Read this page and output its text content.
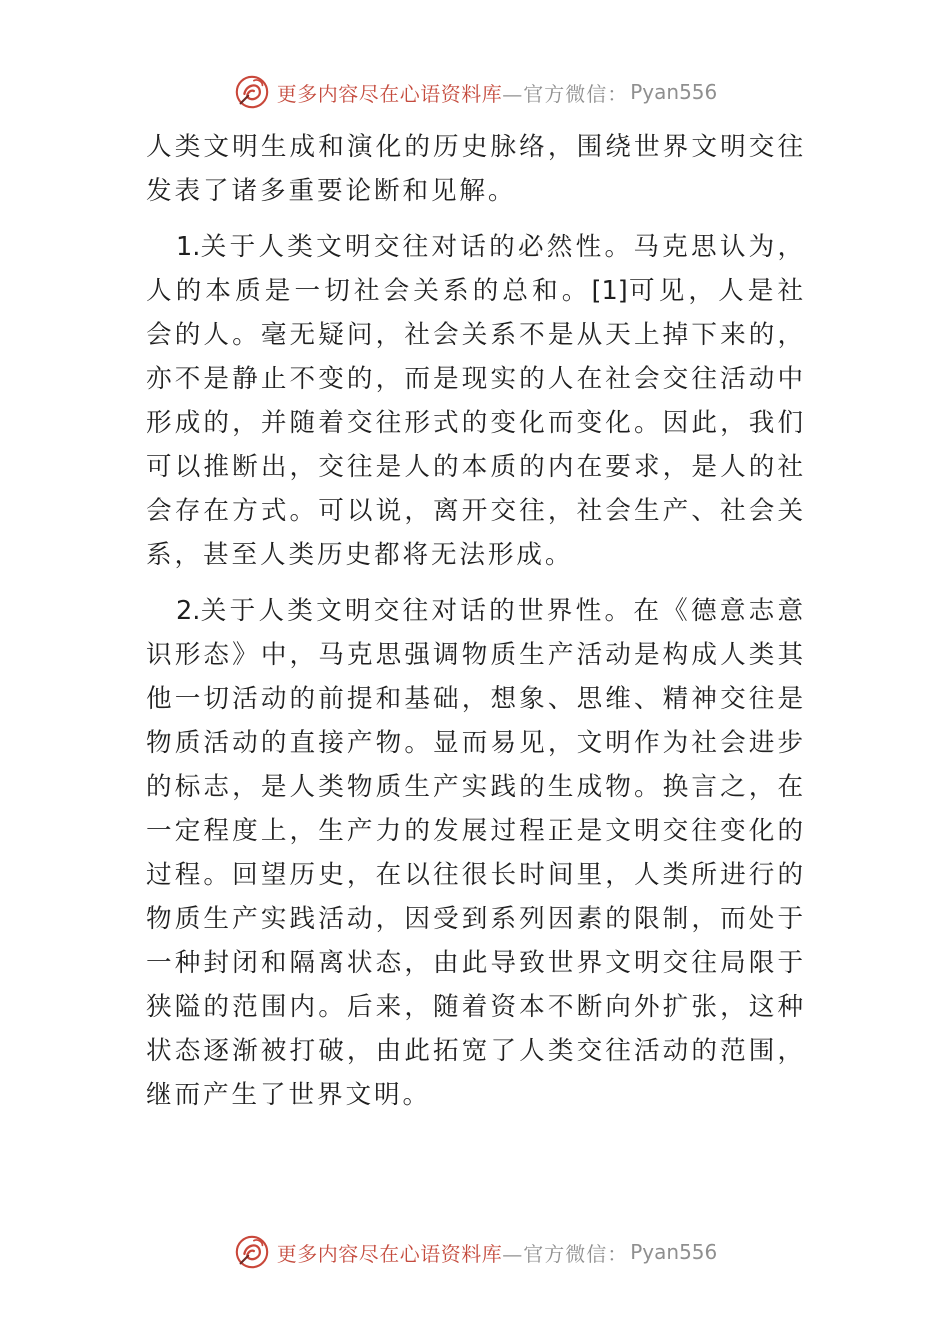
更多内容尽在心语资料库 —官方微信： Pyan556

人类文明生成和演化的历史脉络，围绕世界文明交往发表了诸多重要论断和见解。

1.关于人类文明交往对话的必然性。马克思认为，人的本质是一切社会关系的总和。[1]可见，人是社会的人。毫无疑问，社会关系不是从天上掉下来的，亦不是静止不变的，而是现实的人在社会交往活动中形成的，并随着交往形式的变化而变化。因此，我们可以推断出，交往是人的本质的内在要求，是人的社会存在方式。可以说，离开交往，社会生产、社会关系，甚至人类历史都将无法形成。

2.关于人类文明交往对话的世界性。在《德意志意识形态》中，马克思强调物质生产活动是构成人类其他一切活动的前提和基础，想象、思维、精神交往是物质活动的直接产物。显而易见，文明作为社会进步的标志，是人类物质生产实践的生成物。换言之，在一定程度上，生产力的发展过程正是文明交往变化的过程。回望历史，在以往很长时间里，人类所进行的物质生产实践活动，因受到系列因素的限制，而处于一种封闭和隔离状态，由此导致世界文明交往局限于狭隘的范围内。后来，随着资本不断向外扩张，这种状态逐渐被打破，由此拓宽了人类交往活动的范围，继而产生了世界文明。

更多内容尽在心语资料库 —官方微信： Pyan556
